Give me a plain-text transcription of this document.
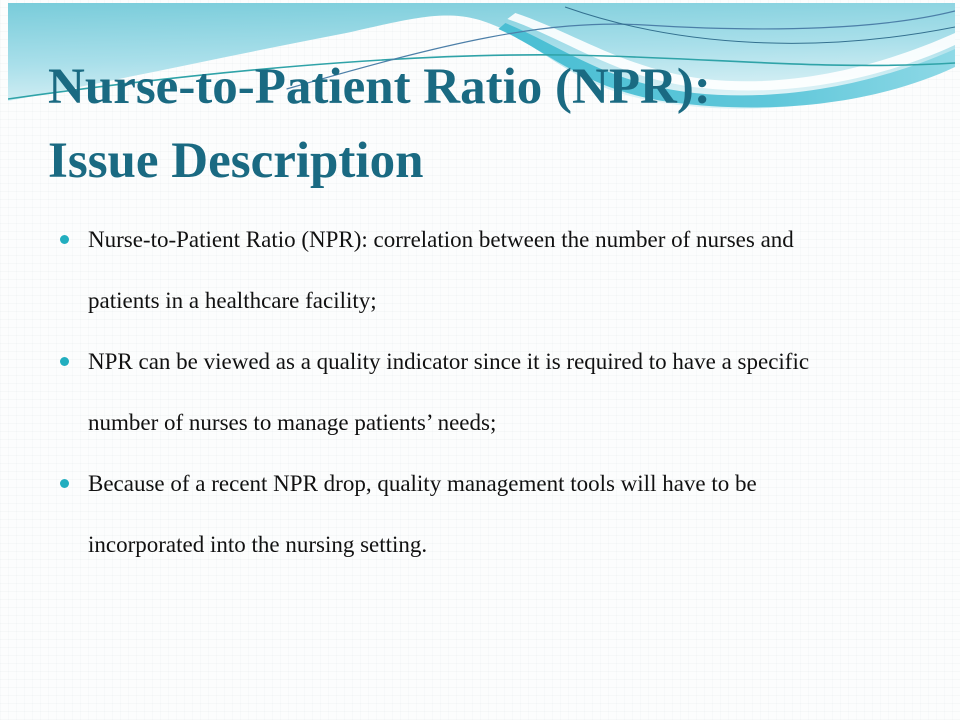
Nurse-to-Patient Ratio (NPR):
Issue Description
Nurse-to-Patient Ratio (NPR): correlation between the number of nurses and
patients in a healthcare facility;
NPR can be viewed as a quality indicator since it is required to have a specific
number of nurses to manage patients’ needs;
Because of a recent NPR drop, quality management tools will have to be
incorporated into the nursing setting.
